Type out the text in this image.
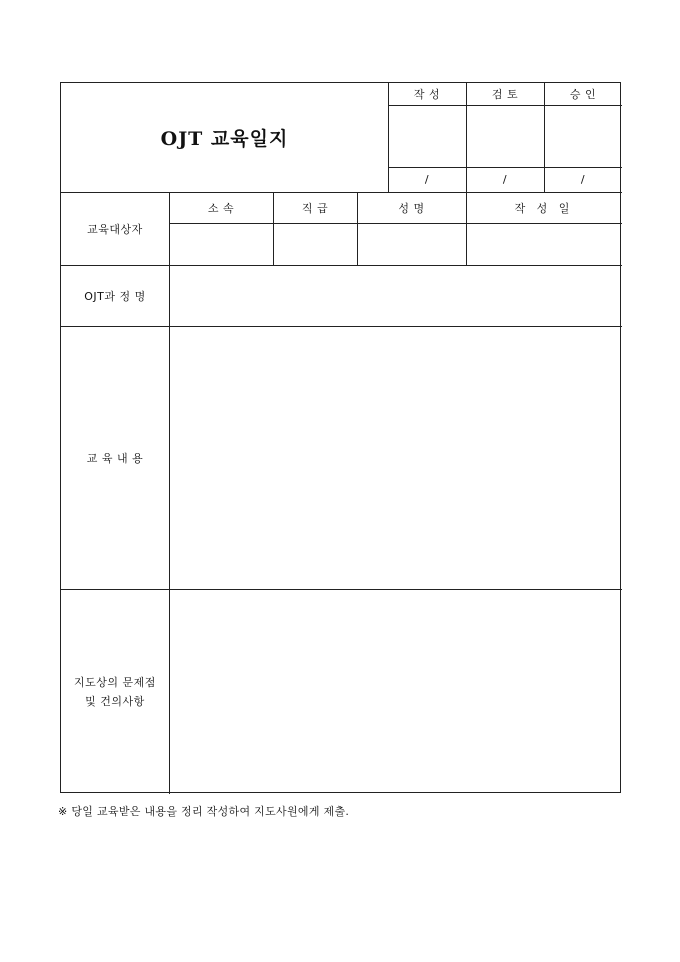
OJT 교육일지
작 성	검 토	승 인
/	/	/
교육대상자
소 속	직 급	성 명	작 성 일
OJT과 정 명
교 육 내 용
지도상의 문제점
및 건의사항
※ 당일 교육받은 내용을 정리 작성하여 지도사원에게 제출.
